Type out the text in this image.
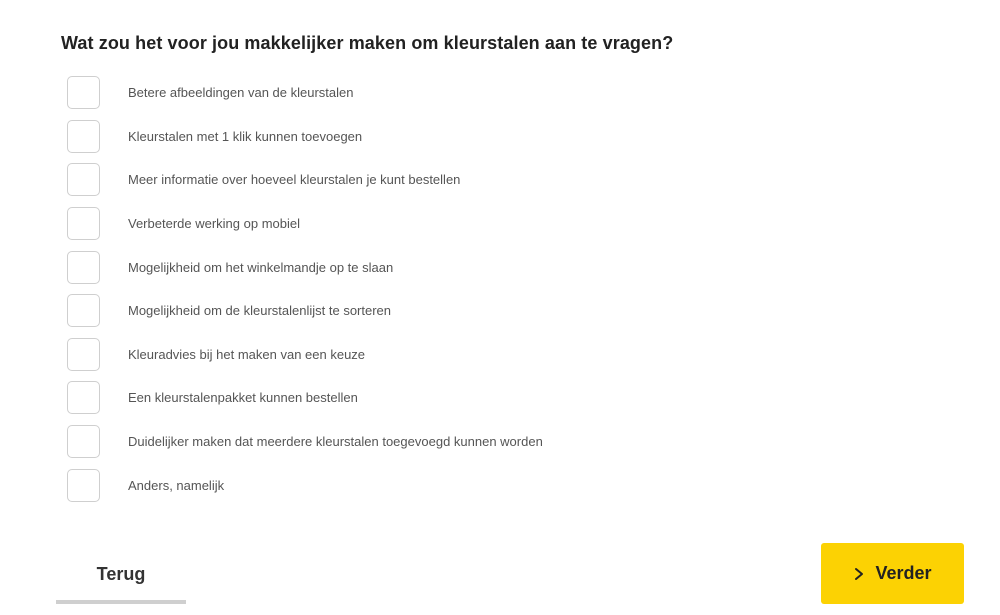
Wat zou het voor jou makkelijker maken om kleurstalen aan te vragen?
Betere afbeeldingen van de kleurstalen
Kleurstalen met 1 klik kunnen toevoegen
Meer informatie over hoeveel kleurstalen je kunt bestellen
Verbeterde werking op mobiel
Mogelijkheid om het winkelmandje op te slaan
Mogelijkheid om de kleurstalenlijst te sorteren
Kleuradvies bij het maken van een keuze
Een kleurstalenpakket kunnen bestellen
Duidelijker maken dat meerdere kleurstalen toegevoegd kunnen worden
Anders, namelijk
Terug	Verder
